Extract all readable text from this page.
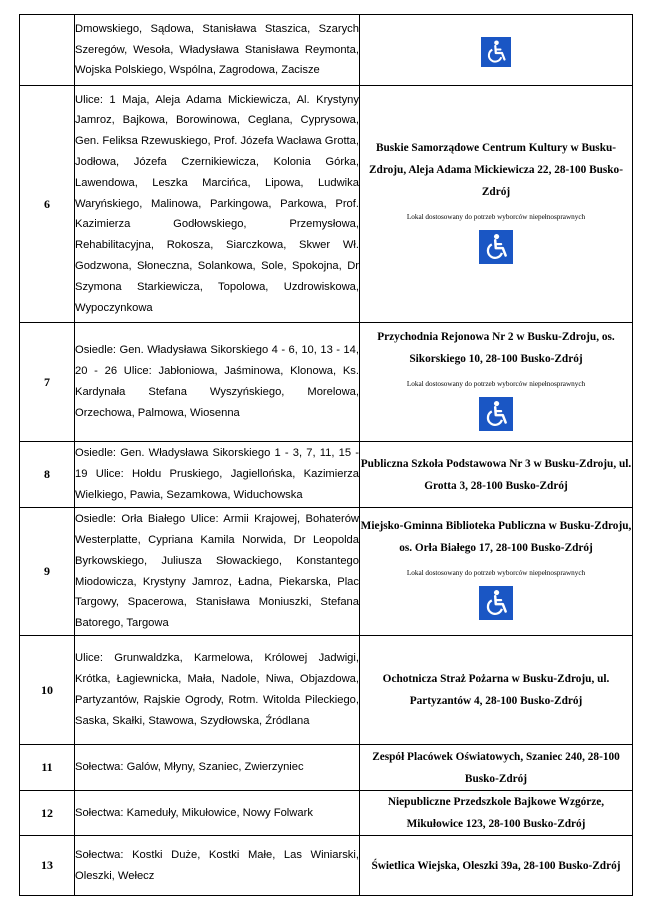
	Dmowskiego, Sądowa, Stanisława Staszica, Szarych Szeregów, Wesoła, Władysława Stanisława Reymonta, Wojska Polskiego, Wspólna, Zagrodowa, Zacisze	

6	Ulice: 1 Maja, Aleja Adama Mickiewicza, Al. Krystyny Jamroz, Bajkowa, Borowinowa, Ceglana, Cyprysowa, Gen. Feliksa Rzewuskiego, Prof. Józefa Wacława Grotta, Jodłowa, Józefa Czernikiewicza, Kolonia Górka, Lawendowa, Leszka Marcińca, Lipowa, Ludwika Waryńskiego, Malinowa, Parkingowa, Parkowa, Prof. Kazimierza Godłowskiego, Przemysłowa, Rehabilitacyjna, Rokosza, Siarczkowa, Skwer Wł. Godzwona, Słoneczna, Solankowa, Sole, Spokojna, Dr Szymona Starkiewicza, Topolowa, Uzdrowiskowa, Wypoczynkowa	Buskie Samorządowe Centrum Kultury w Busku-Zdroju, Aleja Adama Mickiewicza 22, 28-100 Busko-Zdrój
Lokal dostosowany do potrzeb wyborców niepełnosprawnych

7	Osiedle: Gen. Władysława Sikorskiego 4 - 6, 10, 13 - 14, 20 - 26 Ulice: Jabłoniowa, Jaśminowa, Klonowa, Ks. Kardynała Stefana Wyszyńskiego, Morelowa, Orzechowa, Palmowa, Wiosenna	Przychodnia Rejonowa Nr 2 w Busku-Zdroju, os. Sikorskiego 10, 28-100 Busko-Zdrój
Lokal dostosowany do potrzeb wyborców niepełnosprawnych

8	Osiedle: Gen. Władysława Sikorskiego 1 - 3, 7, 11, 15 - 19 Ulice: Hołdu Pruskiego, Jagiellońska, Kazimierza Wielkiego, Pawia, Sezamkowa, Widuchowska	Publiczna Szkoła Podstawowa Nr 3 w Busku-Zdroju, ul. Grotta 3, 28-100 Busko-Zdrój

9	Osiedle: Orła Białego Ulice: Armii Krajowej, Bohaterów Westerplatte, Cypriana Kamila Norwida, Dr Leopolda Byrkowskiego, Juliusza Słowackiego, Konstantego Miodowicza, Krystyny Jamroz, Ładna, Piekarska, Plac Targowy, Spacerowa, Stanisława Moniuszki, Stefana Batorego, Targowa	Miejsko-Gminna Biblioteka Publiczna w Busku-Zdroju, os. Orła Białego 17, 28-100 Busko-Zdrój
Lokal dostosowany do potrzeb wyborców niepełnosprawnych

10	Ulice: Grunwaldzka, Karmelowa, Królowej Jadwigi, Krótka, Łagiewnicka, Mała, Nadole, Niwa, Objazdowa, Partyzantów, Rajskie Ogrody, Rotm. Witolda Pileckiego, Saska, Skałki, Stawowa, Szydłowska, Źródlana	Ochotnicza Straż Pożarna w Busku-Zdroju, ul. Partyzantów 4, 28-100 Busko-Zdrój

11	Sołectwa: Galów, Młyny, Szaniec, Zwierzyniec	Zespół Placówek Oświatowych, Szaniec 240, 28-100 Busko-Zdrój

12	Sołectwa: Kameduły, Mikułowice, Nowy Folwark	Niepubliczne Przedszkole Bajkowe Wzgórze, Mikułowice 123, 28-100 Busko-Zdrój

13	Sołectwa: Kostki Duże, Kostki Małe, Las Winiarski, Oleszki, Wełecz	Świetlica Wiejska, Oleszki 39a, 28-100 Busko-Zdrój
